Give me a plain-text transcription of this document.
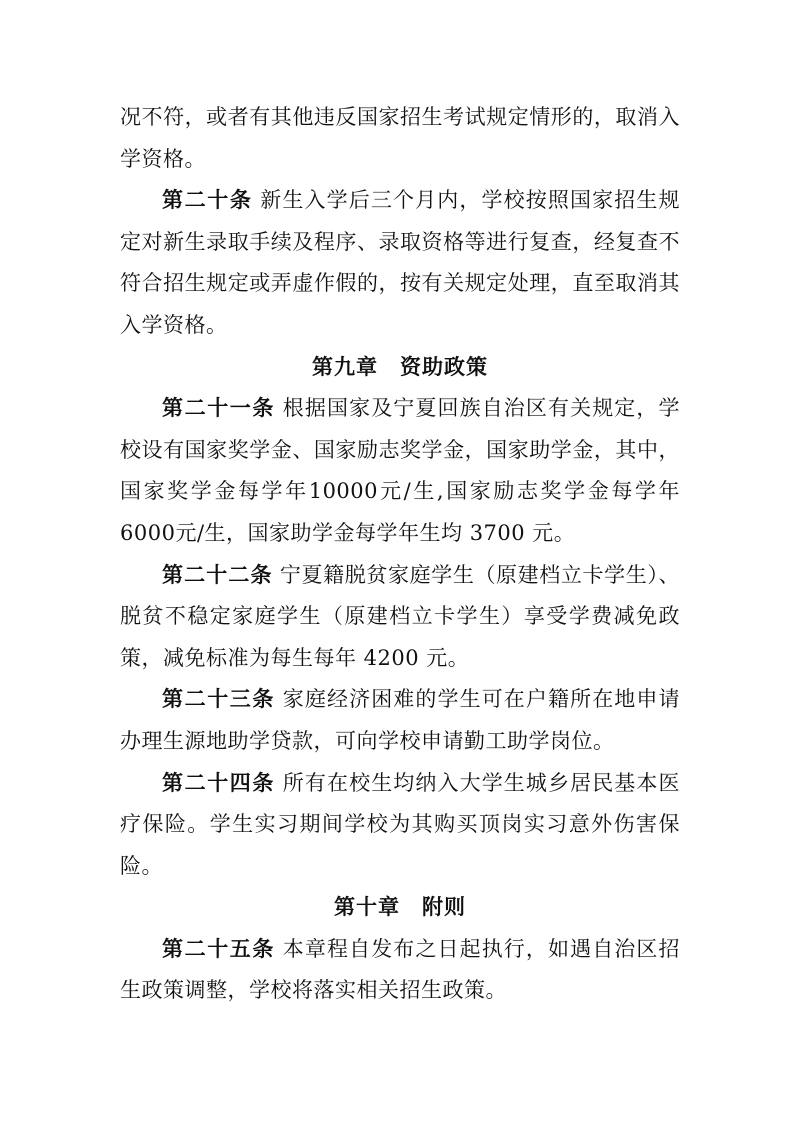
况不符，或者有其他违反国家招生考试规定情形的，取消入学资格。

第二十条 新生入学后三个月内，学校按照国家招生规定对新生录取手续及程序、录取资格等进行复查，经复查不符合招生规定或弄虚作假的，按有关规定处理，直至取消其入学资格。

第九章　资助政策

第二十一条 根据国家及宁夏回族自治区有关规定，学校设有国家奖学金、国家励志奖学金，国家助学金，其中，国家奖学金每学年10000元/生,国家励志奖学金每学年6000元/生，国家助学金每学年生均 3700 元。

第二十二条 宁夏籍脱贫家庭学生（原建档立卡学生）、脱贫不稳定家庭学生（原建档立卡学生）享受学费减免政策，减免标准为每生每年 4200 元。

第二十三条 家庭经济困难的学生可在户籍所在地申请办理生源地助学贷款，可向学校申请勤工助学岗位。

第二十四条 所有在校生均纳入大学生城乡居民基本医疗保险。学生实习期间学校为其购买顶岗实习意外伤害保险。

第十章　附则

第二十五条 本章程自发布之日起执行，如遇自治区招生政策调整，学校将落实相关招生政策。
